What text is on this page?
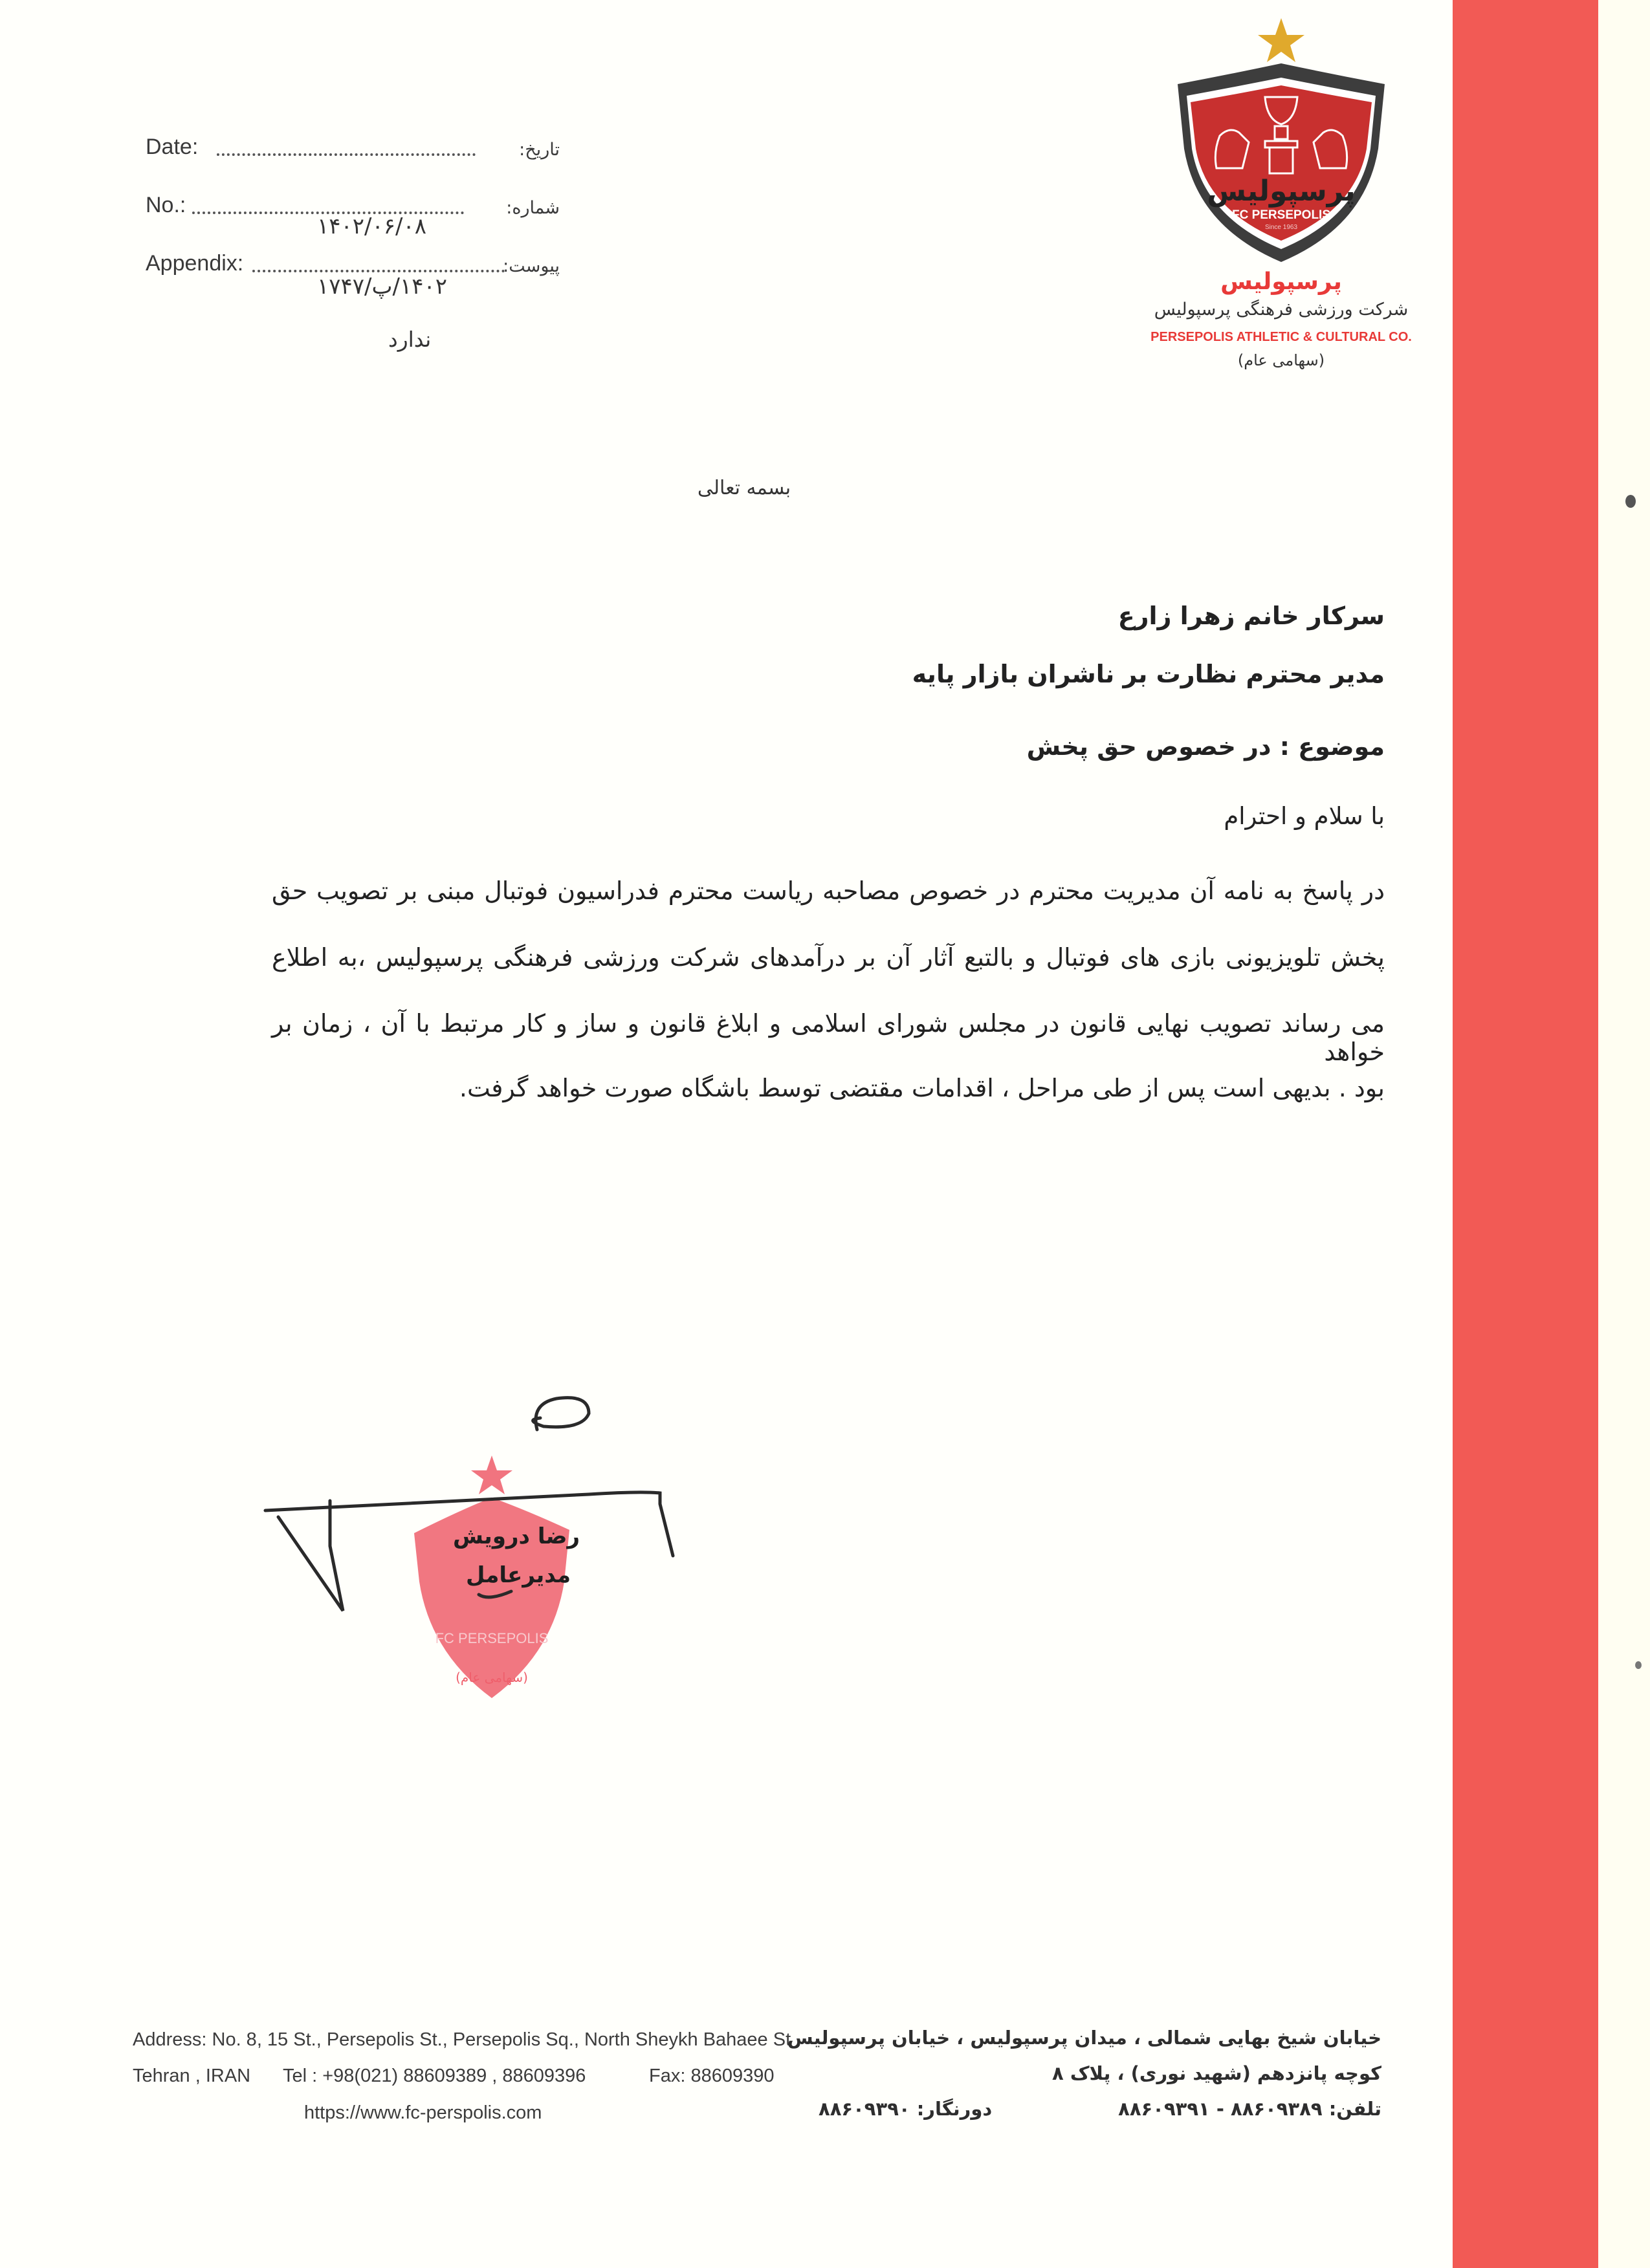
Date:	تاریخ:
No.:	شماره:
۱۴۰۲/۰۶/۰۸
Appendix:	پیوست:
۱۴۰۲/پ/۱۷۴۷
ندارد
پرسپولیس
FC PERSEPOLIS
Since 1963
پرسپولیس
شرکت ورزشی فرهنگی پرسپولیس
PERSEPOLIS ATHLETIC & CULTURAL CO.
(سهامی عام)
بسمه تعالی
سرکار خانم زهرا زارع
مدیر محترم نظارت بر ناشران بازار پایه
موضوع : در خصوص حق پخش
با سلام و احترام
در پاسخ به نامه آن مدیریت محترم در خصوص مصاحبه ریاست محترم فدراسیون فوتبال مبنی بر تصویب حق
پخش تلویزیونی بازی های فوتبال و بالتبع آثار آن بر درآمدهای شرکت ورزشی فرهنگی پرسپولیس ،به اطلاع
می رساند تصویب نهایی قانون در مجلس شورای اسلامی و ابلاغ قانون و ساز و کار مرتبط با آن ، زمان بر خواهد
بود . بدیهی است پس از طی مراحل ، اقدامات مقتضی توسط باشگاه صورت خواهد گرفت.
(سهامی عام)
FC PERSEPOLIS
رضا درویش
مدیرعامل
Address: No. 8, 15 St., Persepolis St., Persepolis Sq., North Sheykh Bahaee St
Tehran , IRAN Tel : +98(021) 88609389 , 88609396	Fax: 88609390
https://www.fc-perspolis.com
خیابان شیخ بهایی شمالی ، میدان پرسپولیس ، خیابان پرسپولیس
کوچه پانزدهم (شهید نوری) ، پلاک ۸
تلفن: ۸۸۶۰۹۳۸۹ - ۸۸۶۰۹۳۹۱
دورنگار: ۸۸۶۰۹۳۹۰
